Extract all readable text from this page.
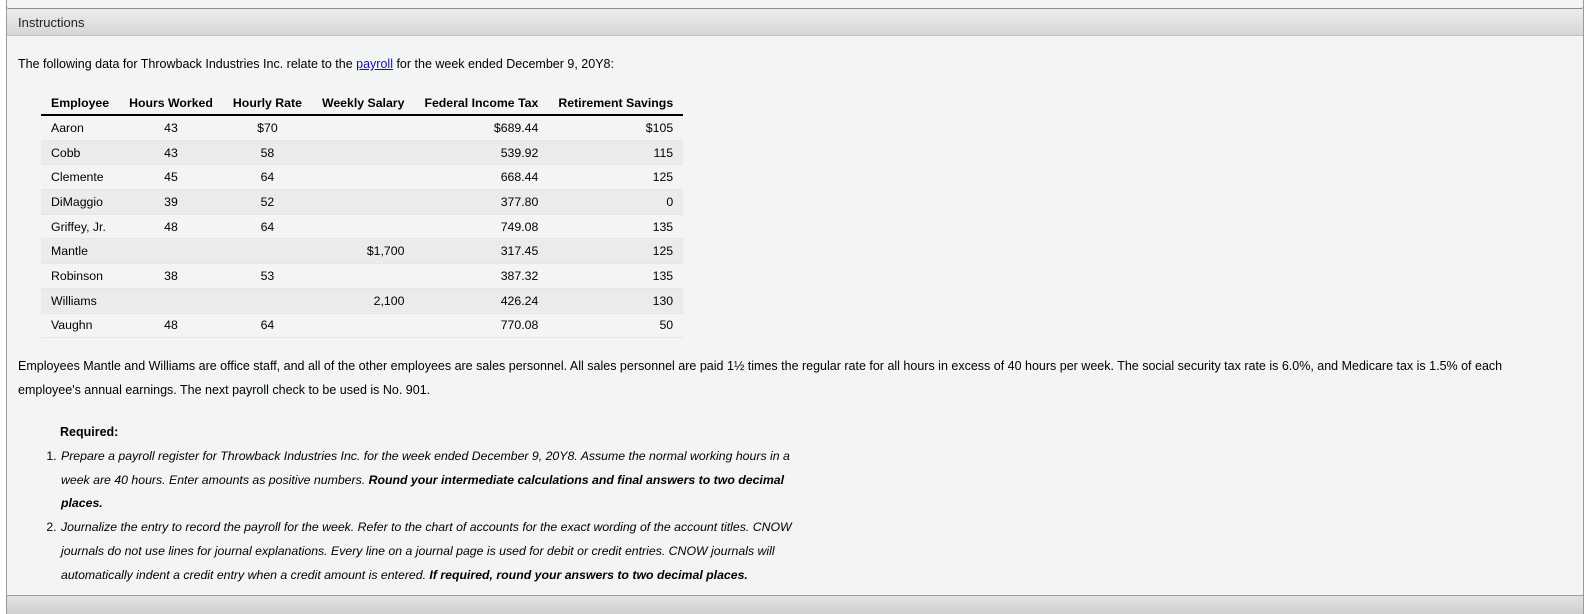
Instructions
The following data for Throwback Industries Inc. relate to the payroll for the week ended December 9, 20Y8:
Employee	Hours Worked	Hourly Rate	Weekly Salary	Federal Income Tax	Retirement Savings
Aaron	43	$70		$689.44	$105
Cobb	43	58		539.92	115
Clemente	45	64		668.44	125
DiMaggio	39	52		377.80	0
Griffey, Jr.	48	64		749.08	135
Mantle			$1,700	317.45	125
Robinson	38	53		387.32	135
Williams			2,100	426.24	130
Vaughn	48	64		770.08	50
Employees Mantle and Williams are office staff, and all of the other employees are sales personnel. All sales personnel are paid 1½ times the regular rate for all hours in excess of 40 hours per week. The social security tax rate is 6.0%, and Medicare tax is 1.5% of each employee's annual earnings. The next payroll check to be used is No. 901.
Required:
1. Prepare a payroll register for Throwback Industries Inc. for the week ended December 9, 20Y8. Assume the normal working hours in a week are 40 hours. Enter amounts as positive numbers. Round your intermediate calculations and final answers to two decimal places.
2. Journalize the entry to record the payroll for the week. Refer to the chart of accounts for the exact wording of the account titles. CNOW journals do not use lines for journal explanations. Every line on a journal page is used for debit or credit entries. CNOW journals will automatically indent a credit entry when a credit amount is entered. If required, round your answers to two decimal places.
